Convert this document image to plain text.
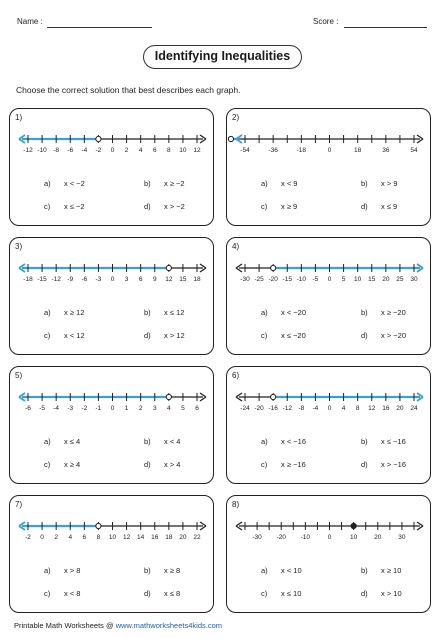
Name :	Score :
Identifying Inequalities
Choose the correct solution that best describes each graph.
1)
-12 -10 -8 -6 -4 -2 0 2 4 6 8 10 12
a) x < −2	b) x ≥ −2
c) x ≤ −2	d) x > −2
2)
-54	-36	-18	0	18	36	54
a) x < 9	b) x > 9
c) x ≥ 9	d) x ≤ 9
3)
-18 -15 -12 -9 -6 -3 0 3 6 9 12 15 18
a) x ≥ 12	b) x ≤ 12
c) x < 12	d) x > 12
4)
-30 -25 -20 -15 -10 -5 0 5 10 15 20 25 30
a) x < −20	b) x ≥ −20
c) x ≤ −20	d) x > −20
5)
-6 -5 -4 -3 -2 -1 0 1 2 3 4 5 6
a) x ≤ 4	b) x < 4
c) x ≥ 4	d) x > 4
6)
-24 -20 -16 -12 -8 -4 0 4 8 12 16 20 24
a) x < −16	b) x ≤ −16
c) x ≥ −16	d) x > −16
7)
-2 0 2 4 6 8 10 12 14 16 18 20 22
a) x > 8	b) x ≥ 8
c) x < 8	d) x ≤ 8
8)
-30 -20 -10	0	10	20	30
a) x < 10	b) x ≥ 10
c) x ≤ 10	d) x > 10
Printable Math Worksheets @ www.mathworksheets4kids.com
